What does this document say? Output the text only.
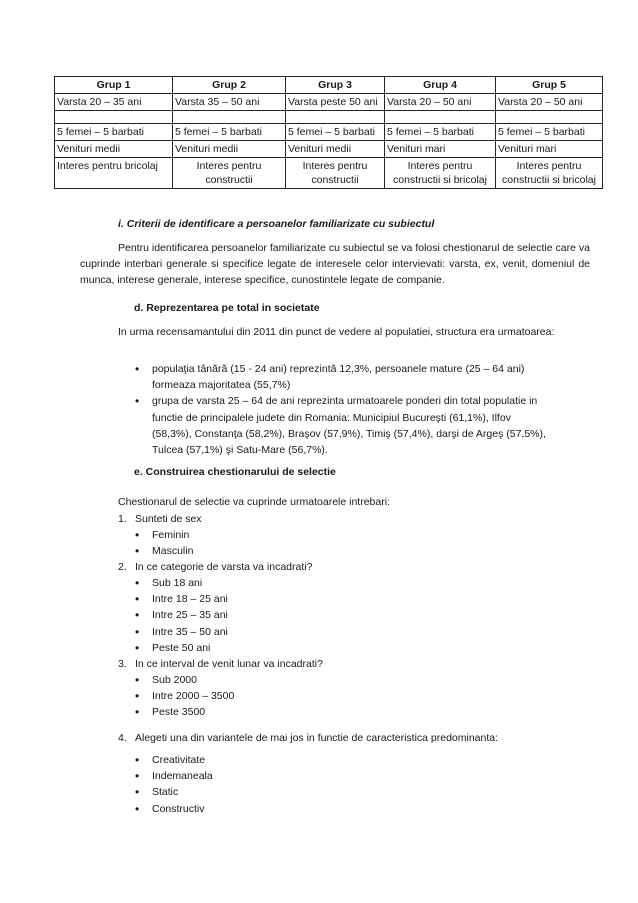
Grup 1	Grup 2	Grup 3	Grup 4	Grup 5
Varsta 20 – 35 ani	Varsta 35 – 50 ani	Varsta peste 50 ani	Varsta 20 – 50 ani	Varsta 20 – 50 ani

5 femei – 5 barbati	5 femei – 5 barbati	5 femei – 5 barbati	5 femei – 5 barbati	5 femei – 5 barbati
Venituri medii	Venituri medii	Venituri medii	Venituri mari	Venituri mari
Interes pentru bricolaj	Interes pentru constructii	Interes pentru constructii	Interes pentru constructii si bricolaj	Interes pentru constructii si bricolaj
i. Criterii de identificare a persoanelor familiarizate cu subiectul
Pentru identificarea persoanelor familiarizate cu subiectul se va folosi chestionarul de selectie care va cuprinde interbari generale si specifice legate de interesele celor intervievati: varsta, ex, venit, domeniul de munca, interese generale, interese specifice, cunostintele legate de companie.
d. Reprezentarea pe total in societate
In urma recensamantului din 2011 din punct de vedere al populatiei, structura era urmatoarea:
• populaţia tânără (15 - 24 ani) reprezintă 12,3%, persoanele mature (25 – 64 ani) formeaza majoritatea (55,7%)
• grupa de varsta 25 – 64 de ani reprezinta urmatoarele ponderi din total populatie in functie de principalele judete din Romania: Municipiul Bucureşti (61,1%), Ilfov (58,3%), Constanţa (58,2%), Braşov (57,9%), Timiş (57,4%), darşi de Argeş (57,5%), Tulcea (57,1%) şi Satu-Mare (56,7%).
e. Construirea chestionarului de selectie
Chestionarul de selectie va cuprinde urmatoarele intrebari:
1. Sunteti de sex
• Feminin
• Masculin
2. In ce categorie de varsta va incadrati?
• Sub 18 ani
• Intre 18 – 25 ani
• Intre 25 – 35 ani
• Intre 35 – 50 ani
• Peste 50 ani
3. In ce interval de venit lunar va incadrati?
• Sub 2000
• Intre 2000 – 3500
• Peste 3500
4. Alegeti una din variantele de mai jos in functie de caracteristica predominanta:
• Creativitate
• Indemaneala
• Static
• Constructiv
